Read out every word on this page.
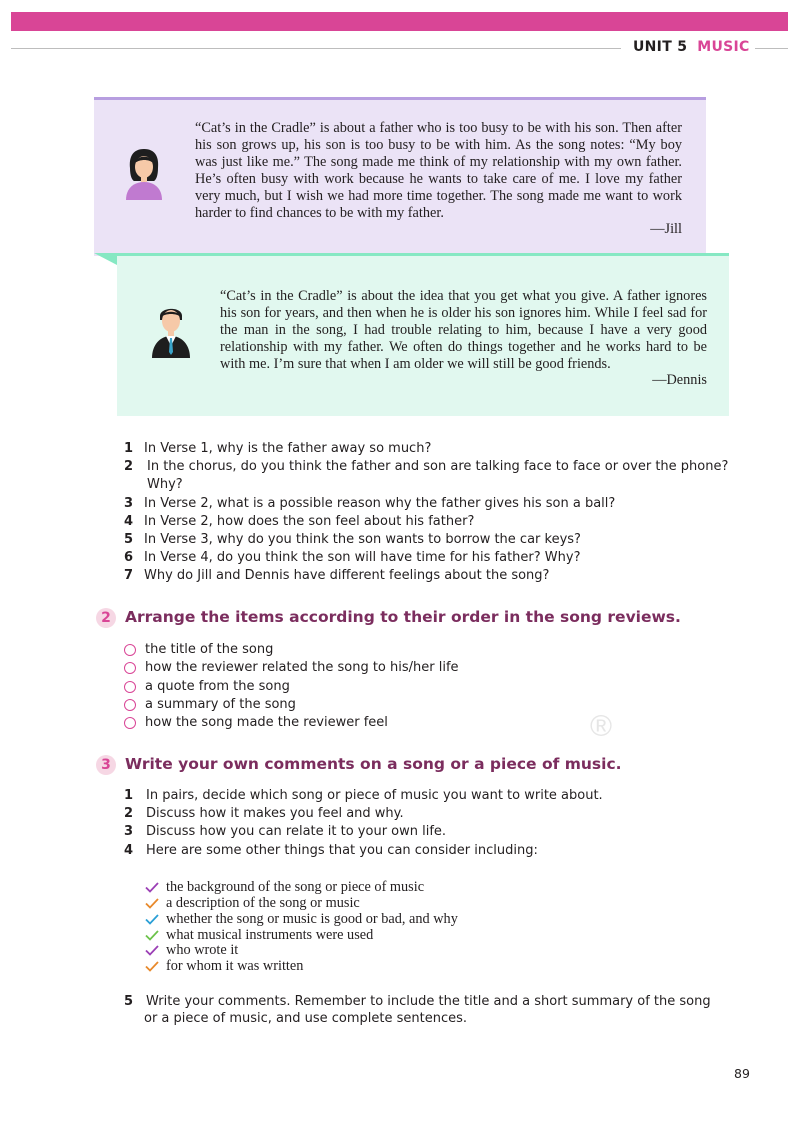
UNIT 5 MUSIC

“Cat’s in the Cradle” is about a father who is too busy to be with his son. Then after his son grows up, his son is too busy to be with him. As the song notes: “My boy was just like me.” The song made me think of my relationship with my own father. He’s often busy with work because he wants to take care of me. I love my father very much, but I wish we had more time together. The song made me want to work harder to find chances to be with my father.

—Jill

“Cat’s in the Cradle” is about the idea that you get what you give. A father ignores his son for years, and then when he is older his son ignores him. While I feel sad for the man in the song, I had trouble relating to him, because I have a very good relationship with my father. We often do things together and he works hard to be with me. I’m sure that when I am older we will still be good friends.

—Dennis
1 In Verse 1, why is the father away so much?
2 In the chorus, do you think the father and son are talking face to face or over the phone?
Why?
3 In Verse 2, what is a possible reason why the father gives his son a ball?
4 In Verse 2, how does the son feel about his father?
5 In Verse 3, why do you think the son wants to borrow the car keys?
6 In Verse 4, do you think the son will have time for his father? Why?
7 Why do Jill and Dennis have different feelings about the song?
2 Arrange the items according to their order in the song reviews.
the title of the song
how the reviewer related the song to his/her life
a quote from the song
a summary of the song
how the song made the reviewer feel	®
3 Write your own comments on a song or a piece of music.
1 In pairs, decide which song or piece of music you want to write about.
2 Discuss how it makes you feel and why.
3 Discuss how you can relate it to your own life.
4 Here are some other things that you can consider including:
the background of the song or piece of music
a description of the song or music
whether the song or music is good or bad, and why
what musical instruments were used
who wrote it
for whom it was written
5 Write your comments. Remember to include the title and a short summary of the song
or a piece of music, and use complete sentences.
89
